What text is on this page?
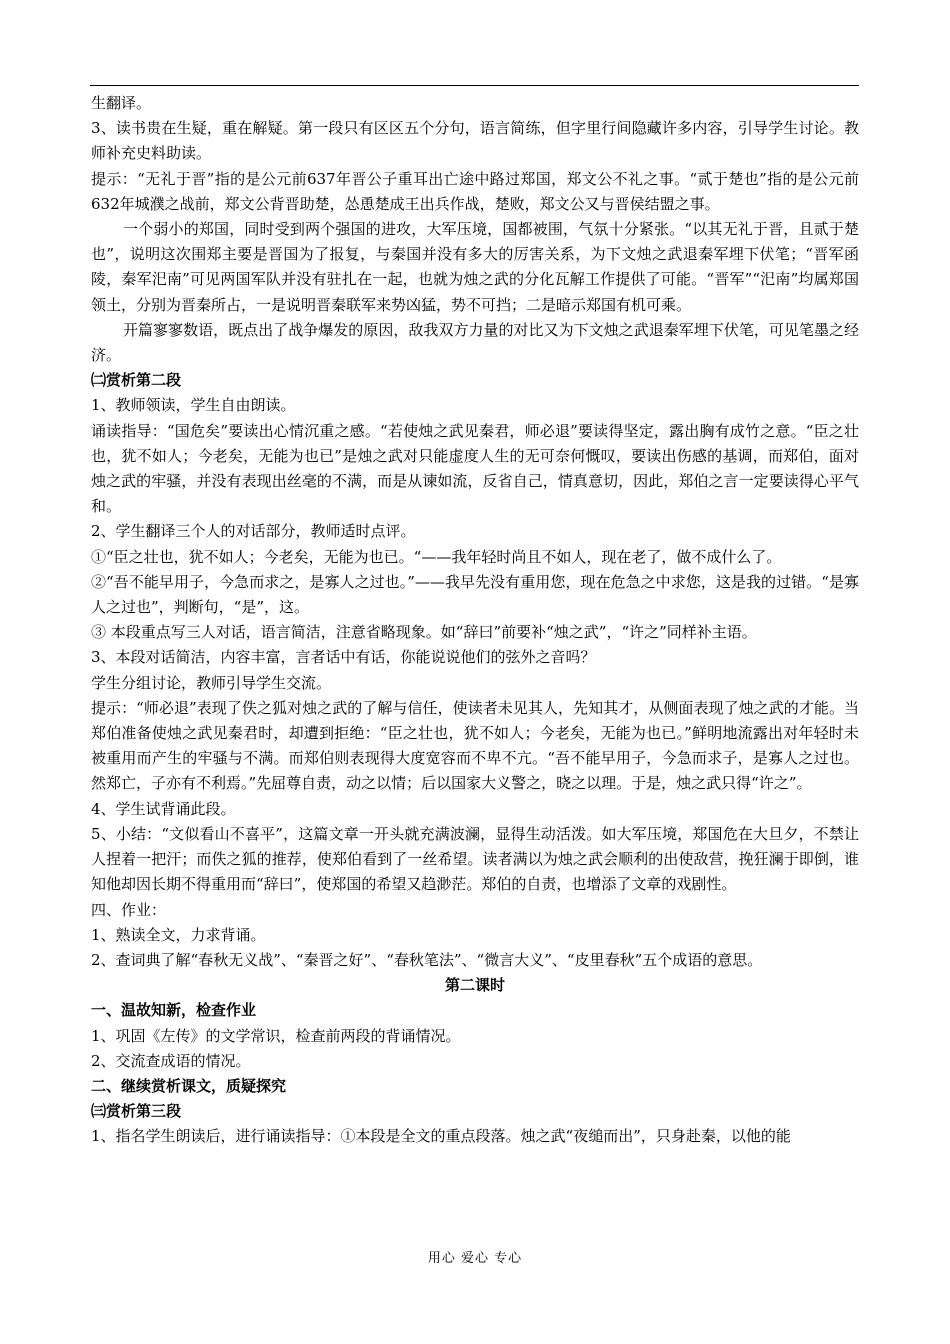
生翻译。

3、读书贵在生疑，重在解疑。第一段只有区区五个分句，语言简练，但字里行间隐藏许多内容，引导学生讨论。教师补充史料助读。

提示：“无礼于晋”指的是公元前637年晋公子重耳出亡途中路过郑国，郑文公不礼之事。“贰于楚也”指的是公元前632年城濮之战前，郑文公背晋助楚，怂恿楚成王出兵作战，楚败，郑文公又与晋侯结盟之事。

一个弱小的郑国，同时受到两个强国的进攻，大军压境，国都被围，气氛十分紧张。“以其无礼于晋，且贰于楚也”，说明这次围郑主要是晋国为了报复，与秦国并没有多大的厉害关系，为下文烛之武退秦军埋下伏笔；“晋军函陵，秦军汜南”可见两国军队并没有驻扎在一起，也就为烛之武的分化瓦解工作提供了可能。“晋军”“汜南”均属郑国领土，分别为晋秦所占，一是说明晋秦联军来势凶猛，势不可挡；二是暗示郑国有机可乘。

开篇寥寥数语，既点出了战争爆发的原因，敌我双方力量的对比又为下文烛之武退秦军埋下伏笔，可见笔墨之经济。

㈡赏析第二段

1、教师领读，学生自由朗读。

诵读指导：“国危矣”要读出心情沉重之感。“若使烛之武见秦君，师必退”要读得坚定，露出胸有成竹之意。“臣之壮也，犹不如人；今老矣，无能为也已”是烛之武对只能虚度人生的无可奈何慨叹，要读出伤感的基调，而郑伯，面对烛之武的牢骚，并没有表现出丝毫的不满，而是从谏如流，反省自己，情真意切，因此，郑伯之言一定要读得心平气和。

2、学生翻译三个人的对话部分，教师适时点评。

①“臣之壮也，犹不如人；今老矣，无能为也已。“——我年轻时尚且不如人，现在老了，做不成什么了。

②“吾不能早用子，今急而求之，是寡人之过也。”——我早先没有重用您，现在危急之中求您，这是我的过错。“是寡人之过也”，判断句，“是”，这。

③ 本段重点写三人对话，语言简洁，注意省略现象。如“辞曰”前要补“烛之武”，“许之”同样补主语。

3、本段对话简洁，内容丰富，言者话中有话，你能说说他们的弦外之音吗？

学生分组讨论，教师引导学生交流。

提示：“师必退”表现了佚之狐对烛之武的了解与信任，使读者未见其人，先知其才，从侧面表现了烛之武的才能。当郑伯准备使烛之武见秦君时，却遭到拒绝：“臣之壮也，犹不如人；今老矣，无能为也已。”鲜明地流露出对年轻时未被重用而产生的牢骚与不满。而郑伯则表现得大度宽容而不卑不亢。“吾不能早用子，今急而求子，是寡人之过也。然郑亡，子亦有不利焉。”先屈尊自责，动之以情；后以国家大义警之，晓之以理。于是，烛之武只得“许之”。

4、学生试背诵此段。

5、小结：“文似看山不喜平”，这篇文章一开头就充满波澜，显得生动活泼。如大军压境，郑国危在大旦夕，不禁让人捏着一把汗；而佚之狐的推荐，使郑伯看到了一丝希望。读者满以为烛之武会顺利的出使敌营，挽狂澜于即倒，谁知他却因长期不得重用而“辞曰”，使郑国的希望又趋渺茫。郑伯的自责，也增添了文章的戏剧性。

四、作业：

1、熟读全文，力求背诵。

2、查词典了解“春秋无义战”、“秦晋之好”、“春秋笔法”、“微言大义”、“皮里春秋”五个成语的意思。

第二课时

一、温故知新，检查作业

1、巩固《左传》的文学常识，检查前两段的背诵情况。

2、交流查成语的情况。

二、继续赏析课文，质疑探究

㈢赏析第三段

1、指名学生朗读后，进行诵读指导：①本段是全文的重点段落。烛之武“夜缒而出”，只身赴秦，以他的能

用心 爱心 专心
